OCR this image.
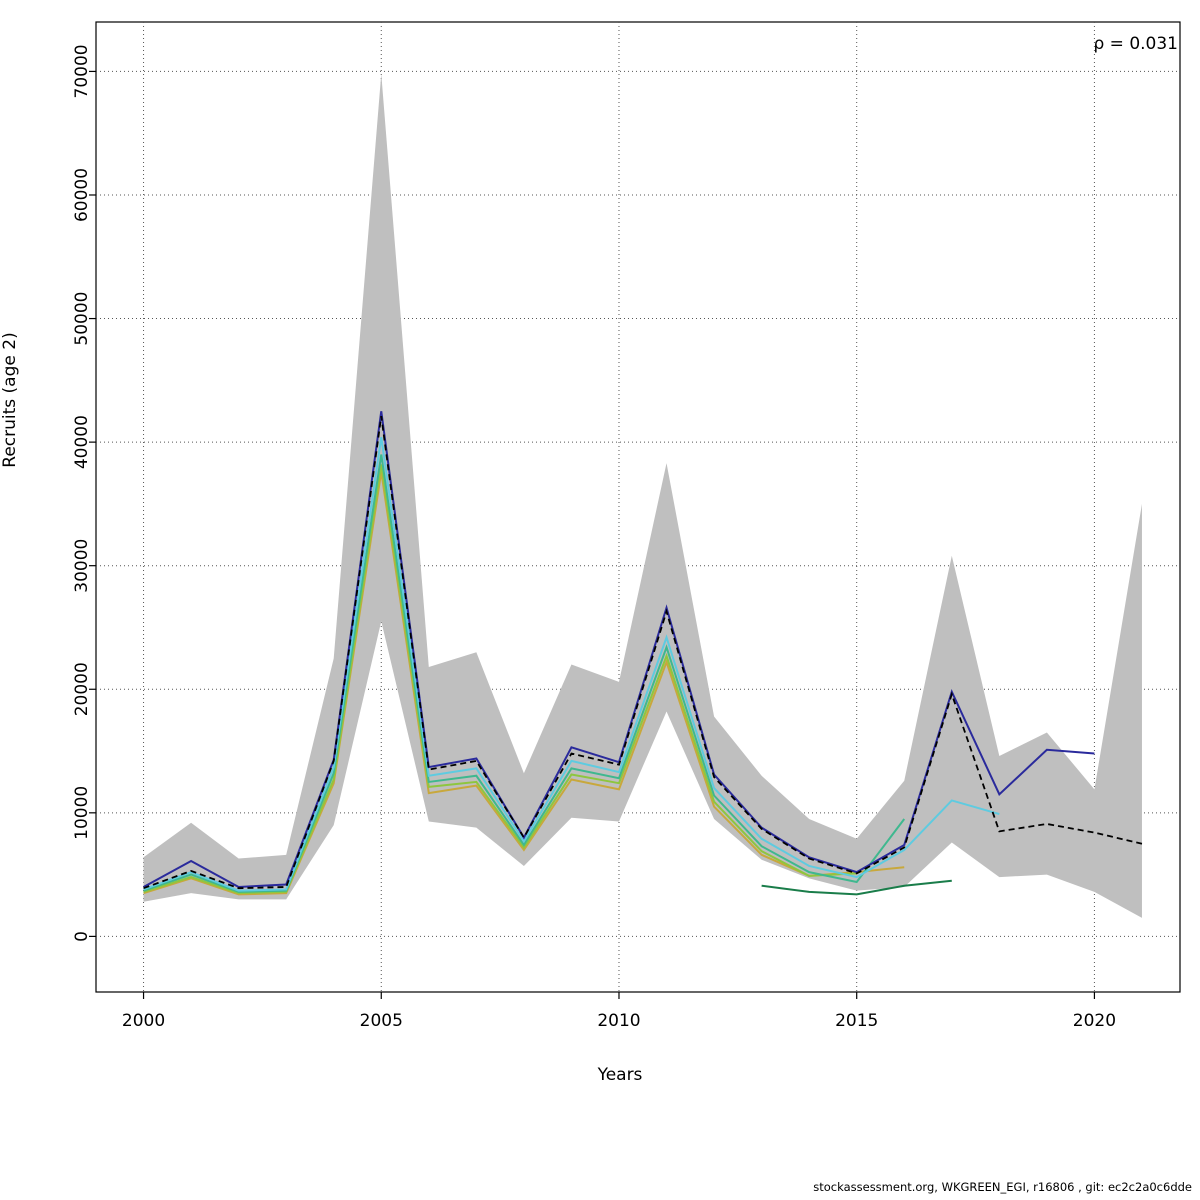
0
10000
20000
30000
40000
50000
60000
70000
2000	2005	2010	2015	2020
Recruits (age 2)
Years
ρ = 0.031
stockassessment.org, WKGREEN_EGI, r16806 , git: ec2c2a0c6dde
